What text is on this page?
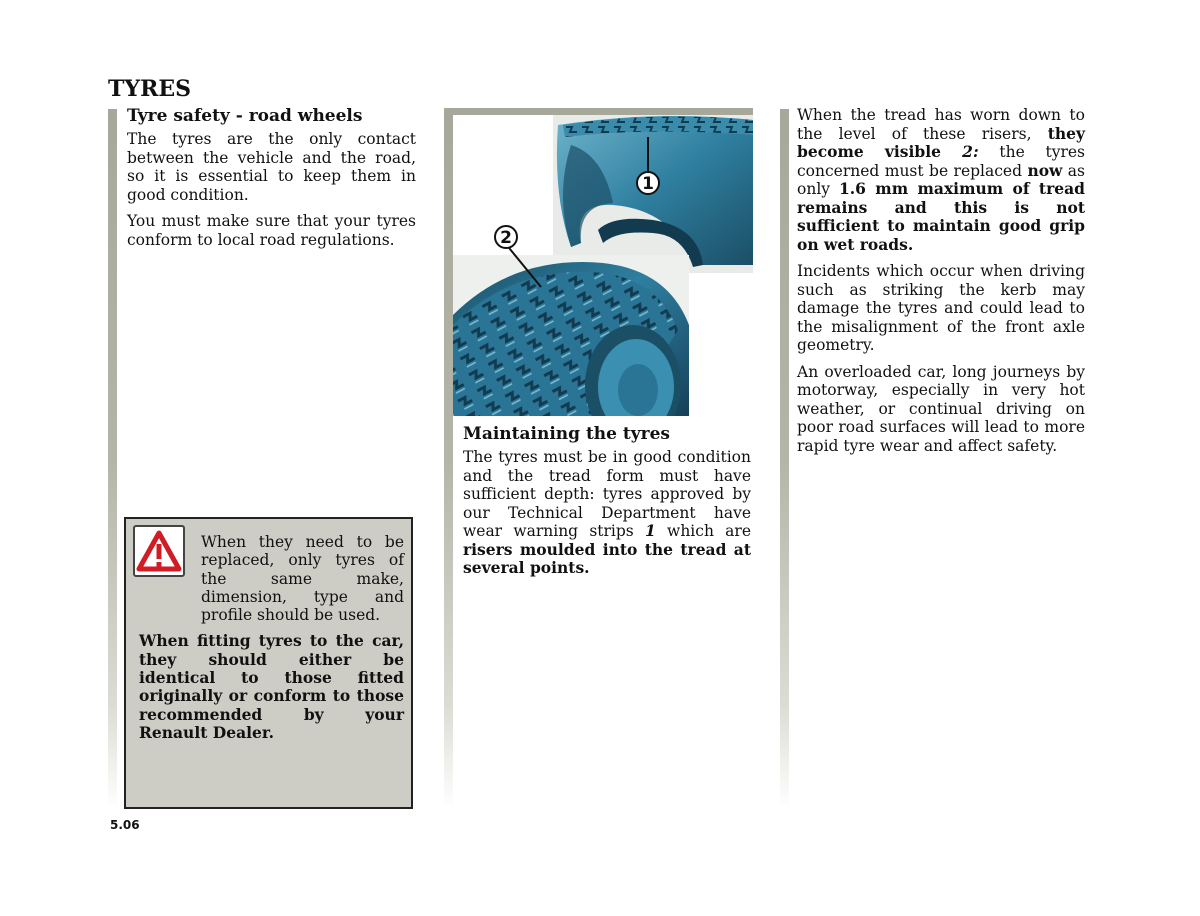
TYRES
Tyre safety - road wheels

The tyres are the only contact between the vehicle and the road, so it is essential to keep them in good condition.

You must make sure that your tyres conform to local road regulations.

When they need to be replaced, only tyres of the same make, dimension, type and profile should be used.

When fitting tyres to the car, they should either be identical to those fitted originally or conform to those recommended by your Renault Dealer.

1
2
Maintaining the tyres

The tyres must be in good condition and the tread form must have sufficient depth: tyres approved by our Technical Department have wear warning strips 1 which are risers moulded into the tread at several points.

When the tread has worn down to the level of these risers, they become visible 2: the tyres concerned must be replaced now as only 1.6 mm maximum of tread remains and this is not sufficient to maintain good grip on wet roads.

Incidents which occur when driving such as striking the kerb may damage the tyres and could lead to the misalignment of the front axle geometry.

An overloaded car, long journeys by motorway, especially in very hot weather, or continual driving on poor road surfaces will lead to more rapid tyre wear and affect safety.

5.06
